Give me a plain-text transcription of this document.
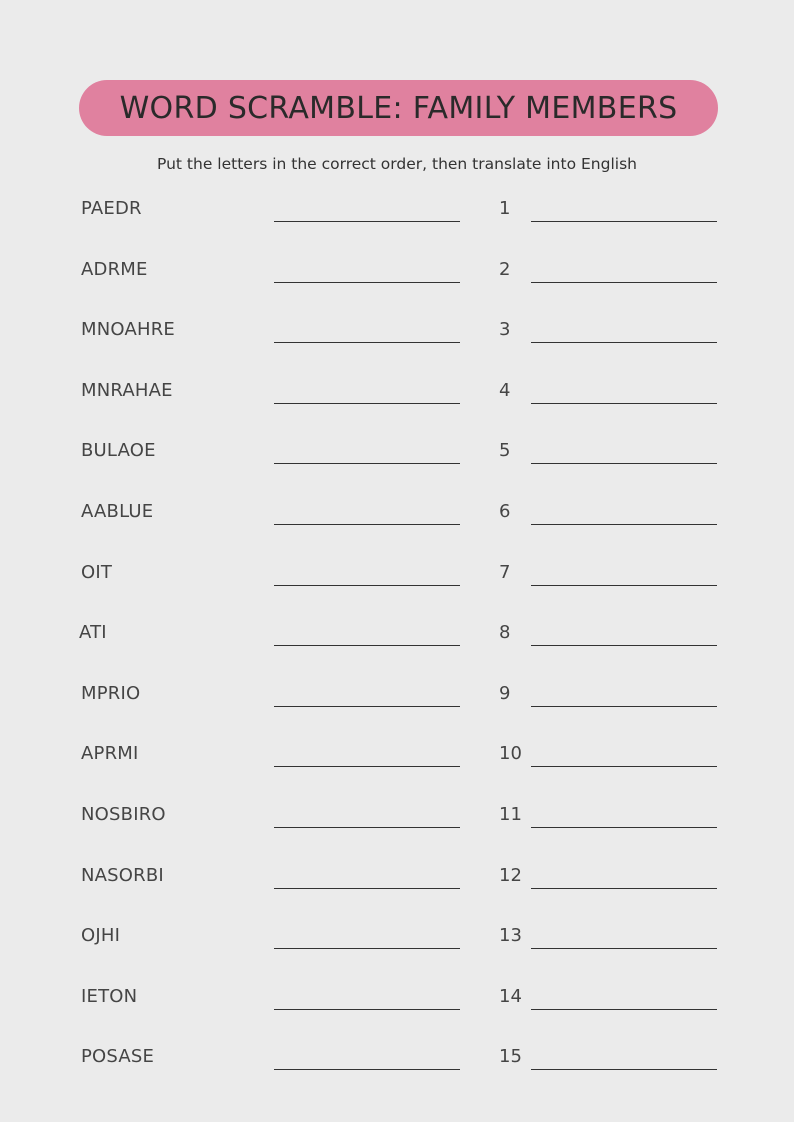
WORD SCRAMBLE: FAMILY MEMBERS
Put the letters in the correct order, then translate into English
PAEDR	1
ADRME	2
MNOAHRE	3
MNRAHAE	4
BULAOE	5
AABLUE	6
OIT	7
ATI	8
MPRIO	9
APRMI	10
NOSBIRO	11
NASORBI	12
OJHI	13
IETON	14
POSASE	15
